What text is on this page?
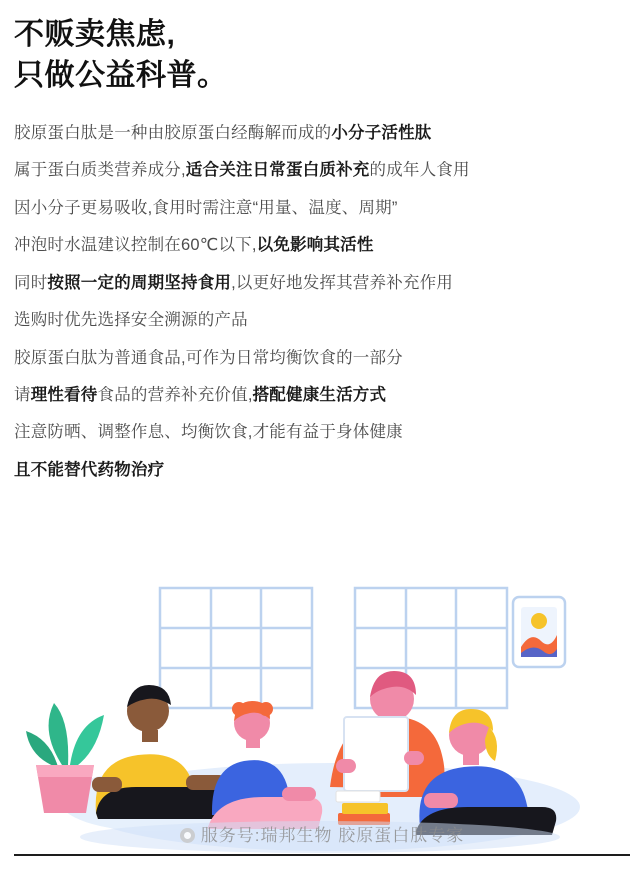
不贩卖焦虑,
只做公益科普。
胶原蛋白肽是一种由胶原蛋白经酶解而成的小分子活性肽
属于蛋白质类营养成分,适合关注日常蛋白质补充的成年人食用
因小分子更易吸收,食用时需注意“用量、温度、周期”
冲泡时水温建议控制在60℃以下,以免影响其活性
同时按照一定的周期坚持食用,以更好地发挥其营养补充作用
选购时优先选择安全溯源的产品
胶原蛋白肽为普通食品,可作为日常均衡饮食的一部分
请理性看待食品的营养补充价值,搭配健康生活方式
注意防晒、调整作息、均衡饮食,才能有益于身体健康
且不能替代药物治疗
服务号:瑞邦生物 胶原蛋白肽专家
